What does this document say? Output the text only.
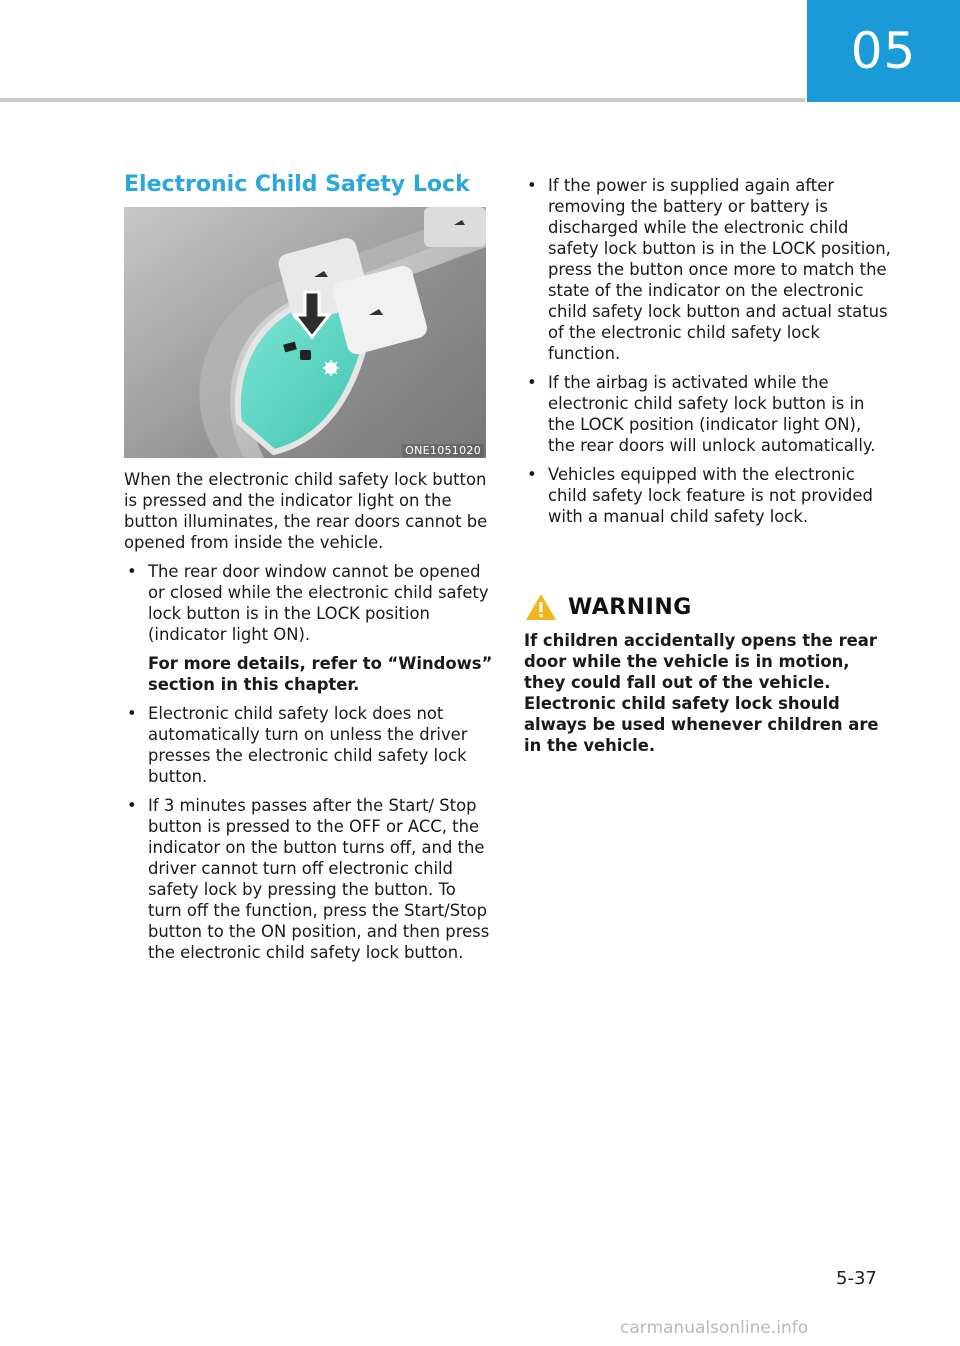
05
Electronic Child Safety Lock
ONE1051020

When the electronic child safety lock button is pressed and the indicator light on the button illuminates, the rear doors cannot be opened from inside the vehicle.

• The rear door window cannot be opened or closed while the electronic child safety lock button is in the LOCK position (indicator light ON).

For more details, refer to “Windows” section in this chapter.

• Electronic child safety lock does not automatically turn on unless the driver presses the electronic child safety lock button.

• If 3 minutes passes after the Start/ Stop button is pressed to the OFF or ACC, the indicator on the button turns off, and the driver cannot turn off electronic child safety lock by pressing the button. To turn off the function, press the Start/Stop button to the ON position, and then press the electronic child safety lock button.

• If the power is supplied again after removing the battery or battery is discharged while the electronic child safety lock button is in the LOCK position, press the button once more to match the state of the indicator on the electronic child safety lock button and actual status of the electronic child safety lock function.

• If the airbag is activated while the electronic child safety lock button is in the LOCK position (indicator light ON), the rear doors will unlock automatically.

• Vehicles equipped with the electronic child safety lock feature is not provided with a manual child safety lock.

WARNING

If children accidentally opens the rear door while the vehicle is in motion, they could fall out of the vehicle. Electronic child safety lock should always be used whenever children are in the vehicle.

5-37
carmanualsonline.info
